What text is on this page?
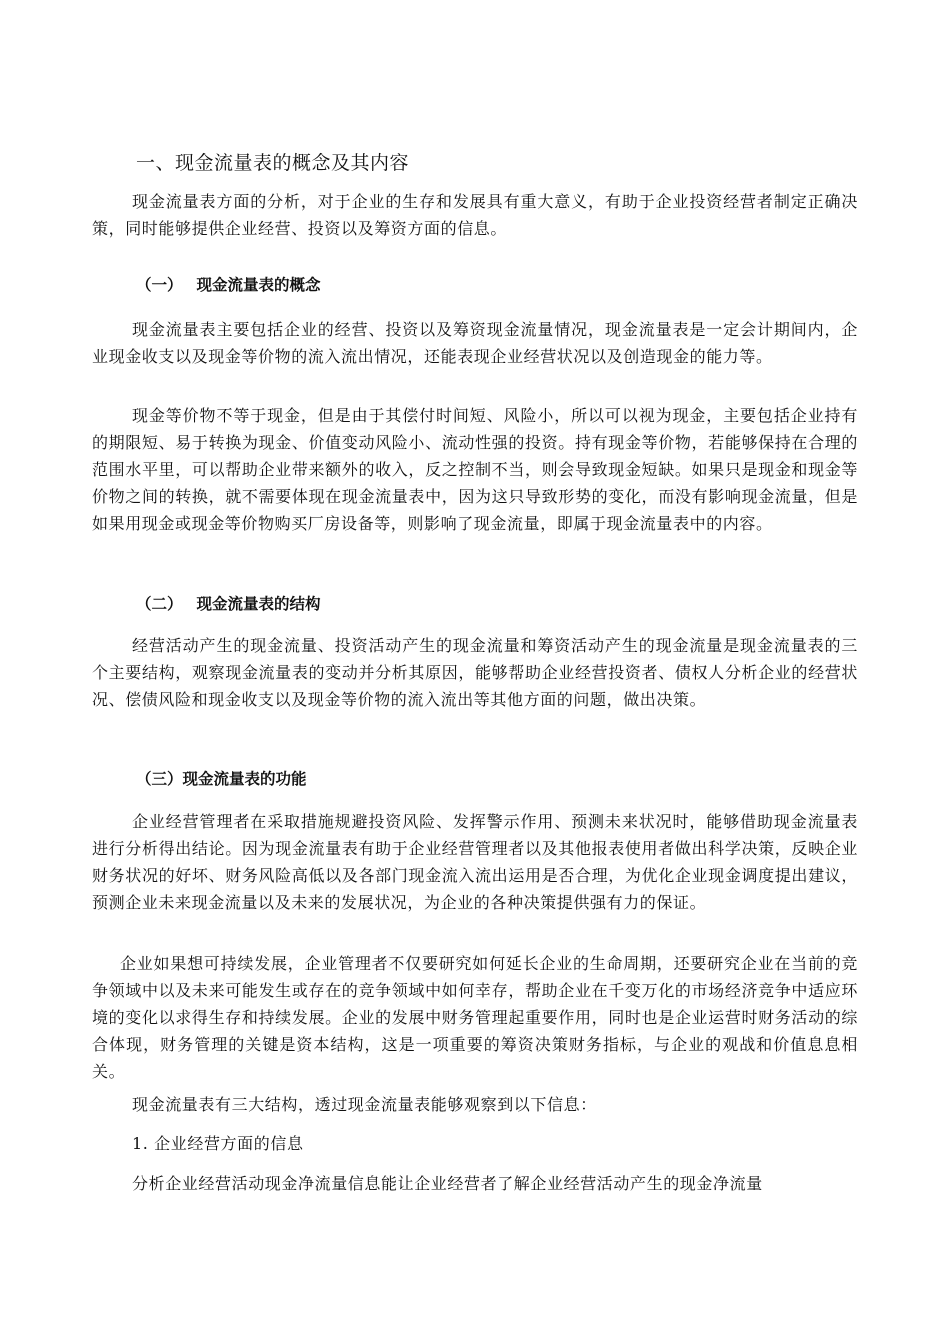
一、现金流量表的概念及其内容

现金流量表方面的分析，对于企业的生存和发展具有重大意义，有助于企业投资经营者制定正确决策，同时能够提供企业经营、投资以及筹资方面的信息。

（一） 现金流量表的概念

现金流量表主要包括企业的经营、投资以及筹资现金流量情况，现金流量表是一定会计期间内，企业现金收支以及现金等价物的流入流出情况，还能表现企业经营状况以及创造现金的能力等。

现金等价物不等于现金，但是由于其偿付时间短、风险小，所以可以视为现金，主要包括企业持有的期限短、易于转换为现金、价值变动风险小、流动性强的投资。持有现金等价物，若能够保持在合理的范围水平里，可以帮助企业带来额外的收入，反之控制不当，则会导致现金短缺。如果只是现金和现金等价物之间的转换，就不需要体现在现金流量表中，因为这只导致形势的变化，而没有影响现金流量，但是如果用现金或现金等价物购买厂房设备等，则影响了现金流量，即属于现金流量表中的内容。

（二） 现金流量表的结构

经营活动产生的现金流量、投资活动产生的现金流量和筹资活动产生的现金流量是现金流量表的三个主要结构，观察现金流量表的变动并分析其原因，能够帮助企业经营投资者、债权人分析企业的经营状况、偿债风险和现金收支以及现金等价物的流入流出等其他方面的问题，做出决策。

（三）现金流量表的功能

企业经营管理者在采取措施规避投资风险、发挥警示作用、预测未来状况时，能够借助现金流量表进行分析得出结论。因为现金流量表有助于企业经营管理者以及其他报表使用者做出科学决策，反映企业财务状况的好坏、财务风险高低以及各部门现金流入流出运用是否合理，为优化企业现金调度提出建议，预测企业未来现金流量以及未来的发展状况，为企业的各种决策提供强有力的保证。

企业如果想可持续发展，企业管理者不仅要研究如何延长企业的生命周期，还要研究企业在当前的竞争领域中以及未来可能发生或存在的竞争领域中如何幸存，帮助企业在千变万化的市场经济竞争中适应环境的变化以求得生存和持续发展。企业的发展中财务管理起重要作用，同时也是企业运营时财务活动的综合体现，财务管理的关键是资本结构，这是一项重要的筹资决策财务指标，与企业的观战和价值息息相关。

现金流量表有三大结构，透过现金流量表能够观察到以下信息：

1. 企业经营方面的信息

分析企业经营活动现金净流量信息能让企业经营者了解企业经营活动产生的现金净流量
